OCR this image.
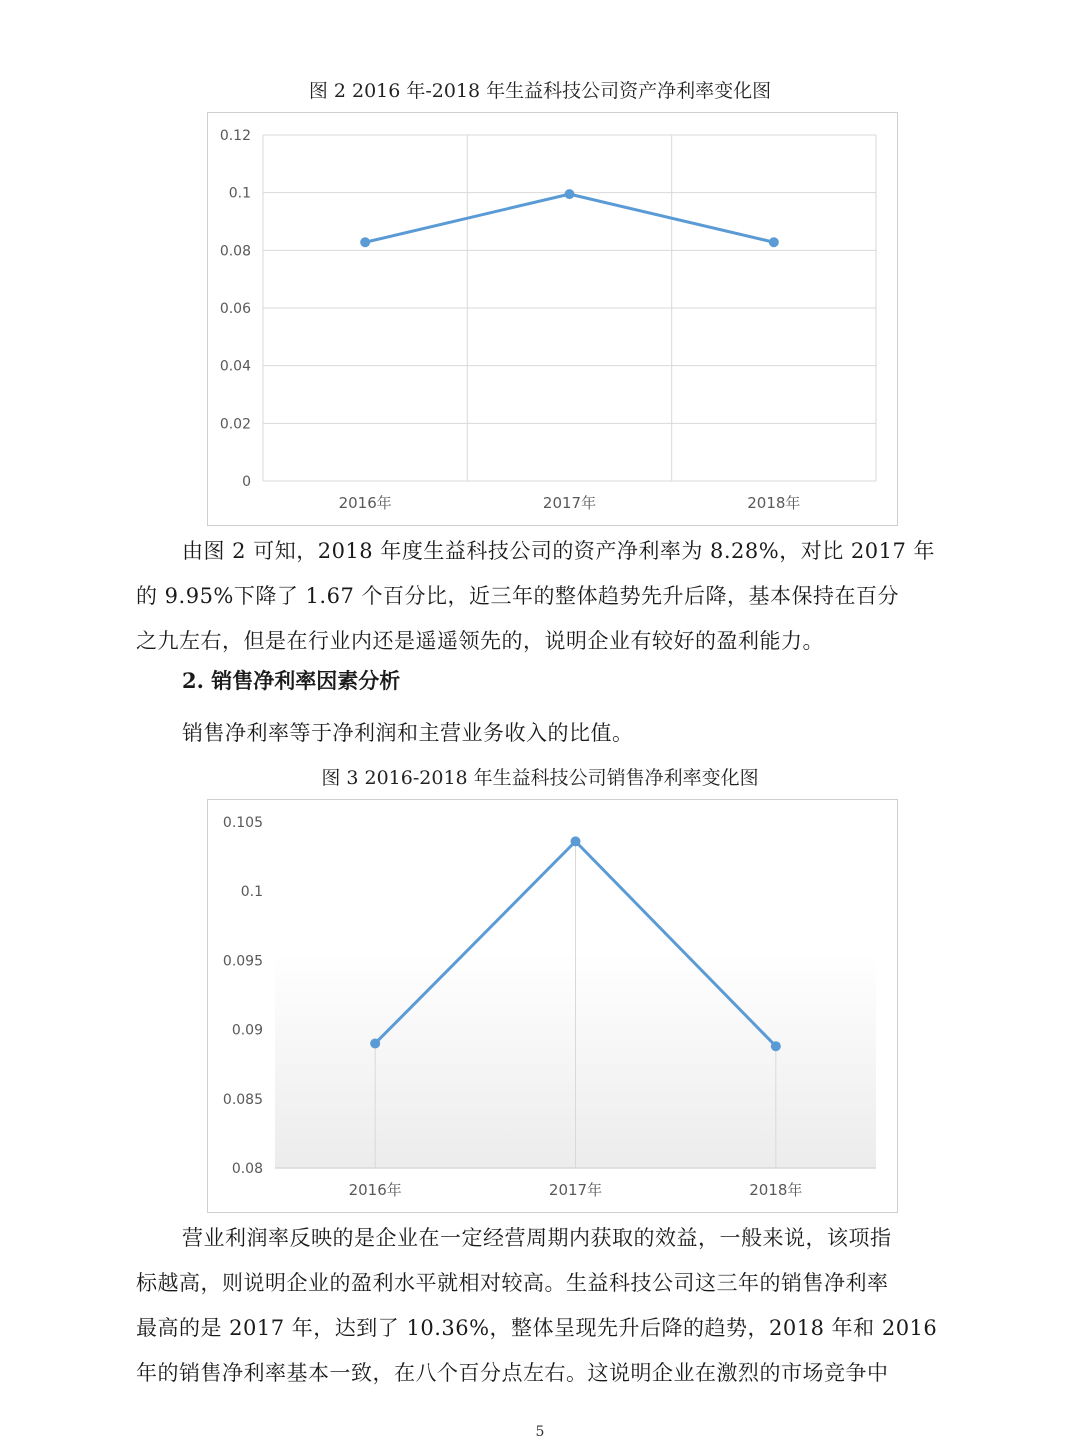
图 2 2016 年-2018 年生益科技公司资产净利率变化图
0
0.02
0.04
0.06
0.08
0.1
0.12
2016年	2017年	2018年

由图 2 可知，2018 年度生益科技公司的资产净利率为 8.28%，对比 2017 年
的 9.95%下降了 1.67 个百分比，近三年的整体趋势先升后降，基本保持在百分
之九左右，但是在行业内还是遥遥领先的，说明企业有较好的盈利能力。

2. 销售净利率因素分析
销售净利率等于净利润和主营业务收入的比值。
图 3 2016-2018 年生益科技公司销售净利率变化图
0.08
0.085
0.09
0.095
0.1
0.105
2016年	2017年	2018年

营业利润率反映的是企业在一定经营周期内获取的效益，一般来说，该项指
标越高，则说明企业的盈利水平就相对较高。生益科技公司这三年的销售净利率
最高的是 2017 年，达到了 10.36%，整体呈现先升后降的趋势，2018 年和 2016
年的销售净利率基本一致，在八个百分点左右。这说明企业在激烈的市场竞争中

5
